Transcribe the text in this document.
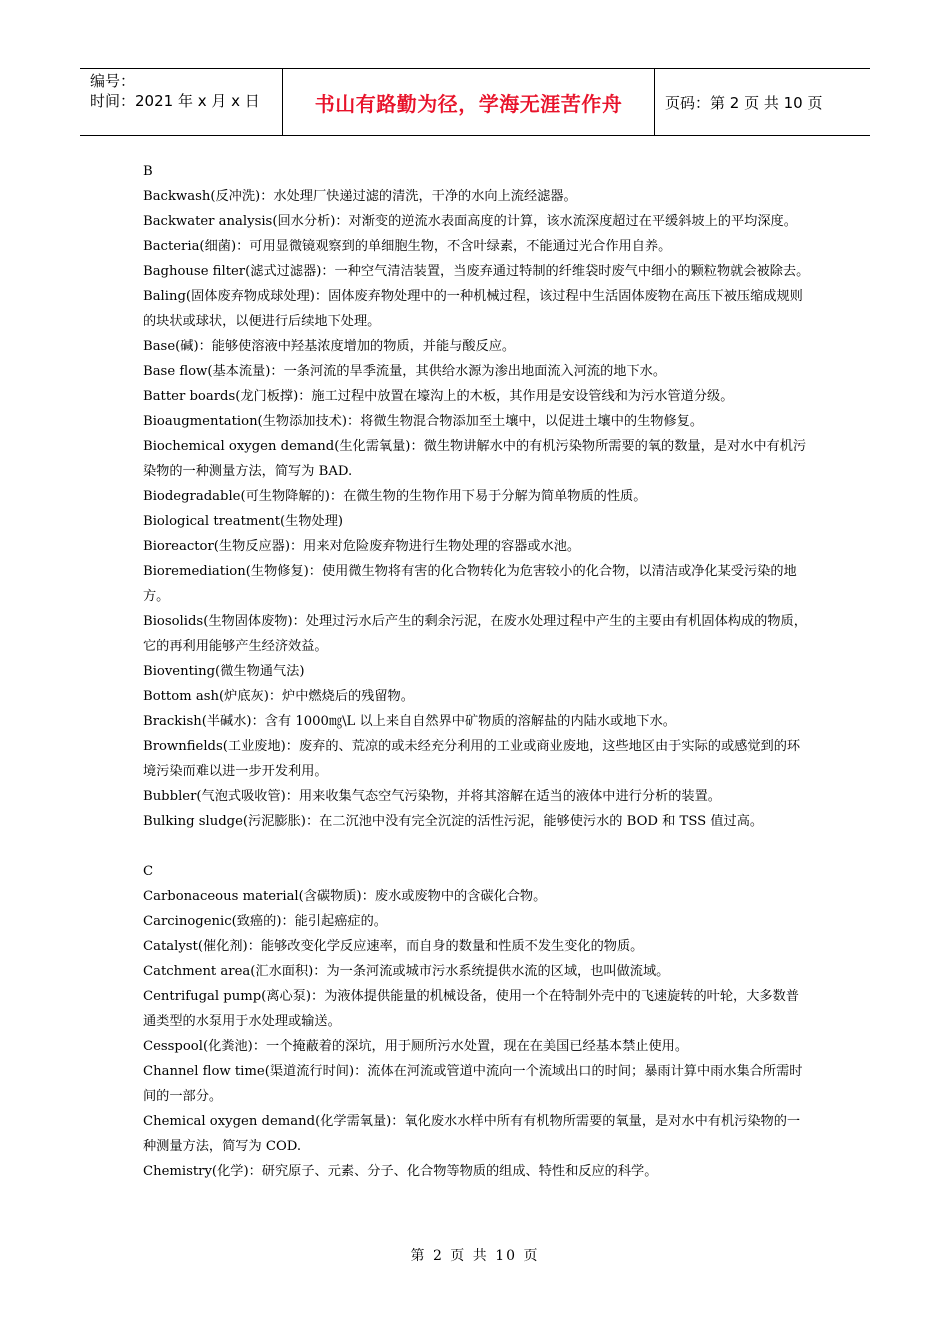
编号：
时间：2021 年 x 月 x 日	书山有路勤为径，学海无涯苦作舟	页码：第 2 页 共 10 页

B

Backwash(反冲洗)：水处理厂快递过滤的清洗，干净的水向上流经滤器。

Backwater analysis(回水分析)：对渐变的逆流水表面高度的计算，该水流深度超过在平缓斜坡上的平均深度。

Bacteria(细菌)：可用显微镜观察到的单细胞生物，不含叶绿素，不能通过光合作用自养。

Baghouse filter(滤式过滤器)：一种空气清洁装置，当废弃通过特制的纤维袋时废气中细小的颗粒物就会被除去。

Baling(固体废弃物成球处理)：固体废弃物处理中的一种机械过程，该过程中生活固体废物在高压下被压缩成规则的块状或球状，以便进行后续地下处理。

Base(碱)：能够使溶液中羟基浓度增加的物质，并能与酸反应。

Base flow(基本流量)：一条河流的旱季流量，其供给水源为渗出地面流入河流的地下水。

Batter boards(龙门板撑)：施工过程中放置在壕沟上的木板，其作用是安设管线和为污水管道分级。

Bioaugmentation(生物添加技术)：将微生物混合物添加至土壤中，以促进土壤中的生物修复。

Biochemical oxygen demand(生化需氧量)：微生物讲解水中的有机污染物所需要的氧的数量，是对水中有机污染物的一种测量方法，简写为 BAD.

Biodegradable(可生物降解的)：在微生物的生物作用下易于分解为简单物质的性质。

Biological treatment(生物处理)

Bioreactor(生物反应器)：用来对危险废弃物进行生物处理的容器或水池。

Bioremediation(生物修复)：使用微生物将有害的化合物转化为危害较小的化合物，以清洁或净化某受污染的地方。

Biosolids(生物固体废物)：处理过污水后产生的剩余污泥，在废水处理过程中产生的主要由有机固体构成的物质，它的再利用能够产生经济效益。

Bioventing(微生物通气法)

Bottom ash(炉底灰)：炉中燃烧后的残留物。

Brackish(半碱水)：含有 1000㎎\L 以上来自自然界中矿物质的溶解盐的内陆水或地下水。

Brownfields(工业废地)：废弃的、荒凉的或未经充分利用的工业或商业废地，这些地区由于实际的或感觉到的环境污染而难以进一步开发利用。

Bubbler(气泡式吸收管)：用来收集气态空气污染物，并将其溶解在适当的液体中进行分析的装置。

Bulking sludge(污泥膨胀)：在二沉池中没有完全沉淀的活性污泥，能够使污水的 BOD 和 TSS 值过高。

C

Carbonaceous material(含碳物质)：废水或废物中的含碳化合物。

Carcinogenic(致癌的)：能引起癌症的。

Catalyst(催化剂)：能够改变化学反应速率，而自身的数量和性质不发生变化的物质。

Catchment area(汇水面积)：为一条河流或城市污水系统提供水流的区域，也叫做流域。

Centrifugal pump(离心泵)：为液体提供能量的机械设备，使用一个在特制外壳中的飞速旋转的叶轮，大多数普通类型的水泵用于水处理或输送。

Cesspool(化粪池)：一个掩蔽着的深坑，用于厕所污水处置，现在在美国已经基本禁止使用。

Channel flow time(渠道流行时间)：流体在河流或管道中流向一个流域出口的时间；暴雨计算中雨水集合所需时间的一部分。

Chemical oxygen demand(化学需氧量)：氧化废水水样中所有有机物所需要的氧量，是对水中有机污染物的一种测量方法，简写为 COD.

Chemistry(化学)：研究原子、元素、分子、化合物等物质的组成、特性和反应的科学。

第 2 页 共 10 页
